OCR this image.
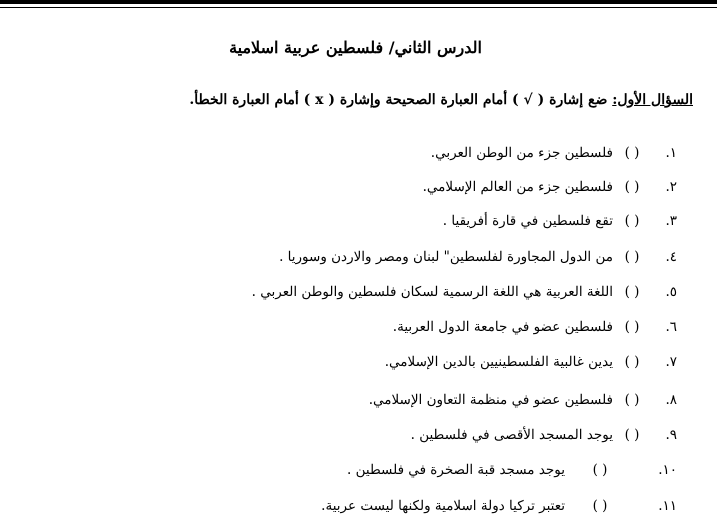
الدرس الثاني/ فلسطين عربية اسلامية
السؤال الأول: ضع إشارة ( √ ) أمام العبارة الصحيحة وإشارة ( x ) أمام العبارة الخطأ.
١.
( )
فلسطين جزء من الوطن العربي.
٢.
( )
فلسطين جزء من العالم الإسلامي.
٣.
( )
تقع فلسطين في قارة أفريقيا .
٤.
( )
من الدول المجاورة لفلسطين" لبنان ومصر والاردن وسوريا .
٥.
( )
اللغة العربية هي اللغة الرسمية لسكان فلسطين والوطن العربي .
٦.
( )
فلسطين عضو في جامعة الدول العربية.
٧.
( )
يدين غالبية الفلسطينيين بالدين الإسلامي.
٨.
( )
فلسطين عضو في منظمة التعاون الإسلامي.
٩.
( )
يوجد المسجد الأقصى في فلسطين .
١٠.
( )
يوجد مسجد قبة الصخرة في فلسطين .
١١.
( )
تعتبر تركيا دولة اسلامية ولكنها ليست عربية.
